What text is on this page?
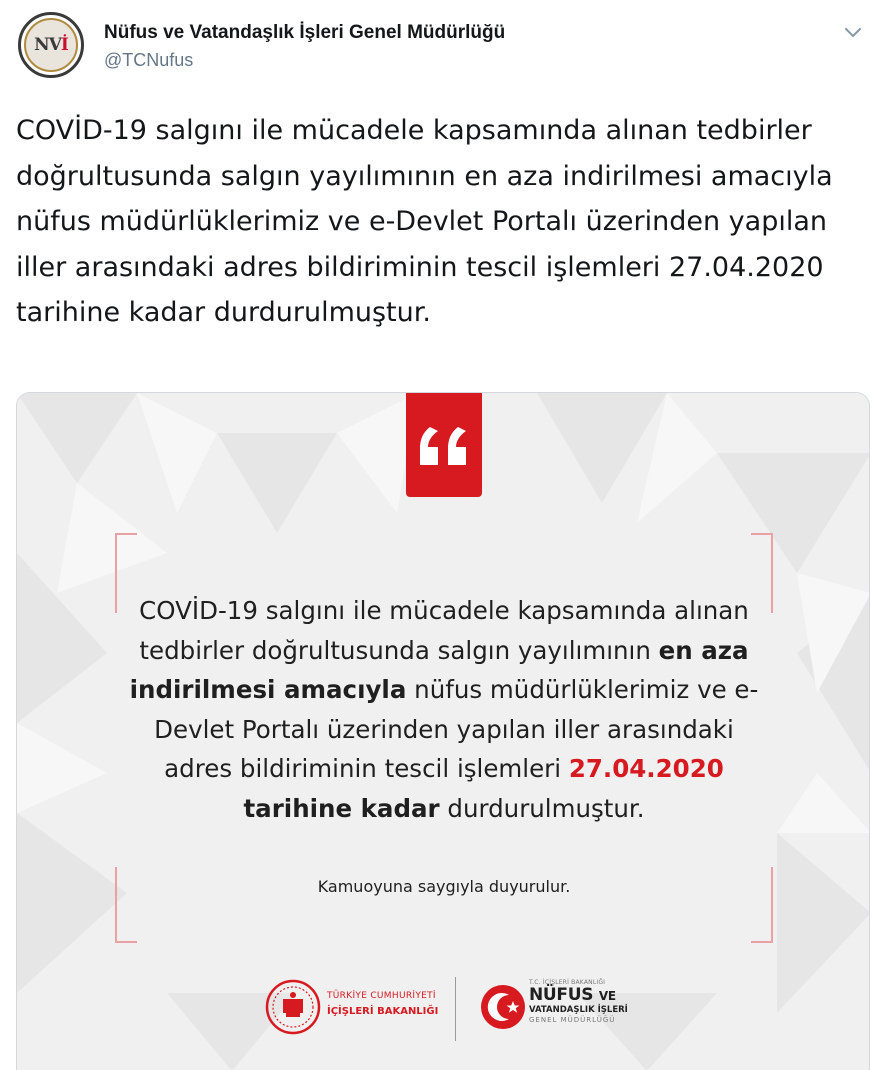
NV İ
Nüfus ve Vatandaşlık İşleri Genel Müdürlüğü
@TCNufus
COVİD-19 salgını ile mücadele kapsamında alınan tedbirler doğrultusunda salgın yayılımının en aza indirilmesi amacıyla nüfus müdürlüklerimiz ve e-Devlet Portalı üzerinden yapılan iller arasındaki adres bildiriminin tescil işlemleri 27.04.2020 tarihine kadar durdurulmuştur.
COVİD-19 salgını ile mücadele kapsamında alınan tedbirler doğrultusunda salgın yayılımının en aza indirilmesi amacıyla nüfus müdürlüklerimiz ve e-Devlet Portalı üzerinden yapılan iller arasındaki adres bildiriminin tescil işlemleri 27.04.2020 tarihine kadar durdurulmuştur.
Kamuoyuna saygıyla duyurulur.
TÜRKİYE CUMHURİYETİ
İÇİŞLERİ BAKANLIĞI
T.C. İÇİŞLERİ BAKANLIĞI
NÜFUS VE
VATANDAŞLIK İŞLERİ
GENEL MÜDÜRLÜĞÜ
